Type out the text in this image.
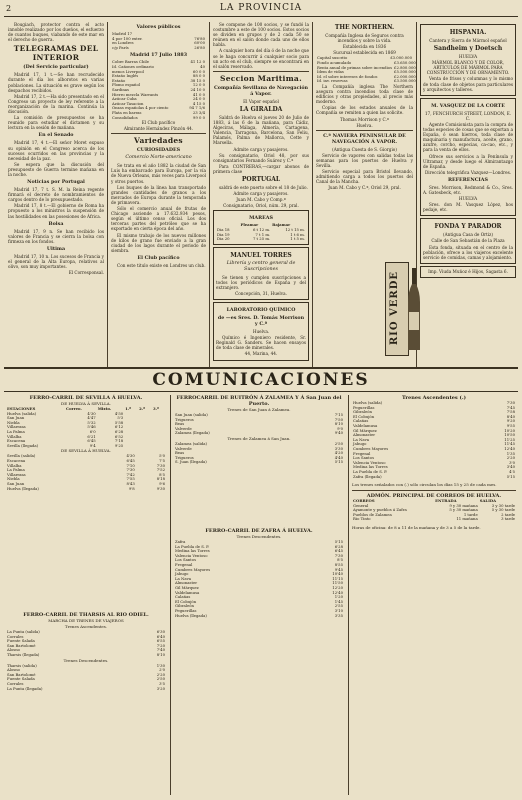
2	LA PROVINCIA

Bougiach, protector contra el acto innoble realizado por los dueños, el esfuerzo de cuantos buques, viabando de este mar en el derecho de guerra.

TELEGRAMAS DEL INTERIOR
(Del Servicio particular)

Madrid 17, 1 t.—Se han recrudecido durante el día los alborotos en varias poblaciones. La situación es grave según los despachos recibidos.

Madrid 17, 2 t.—Ha sido presentado en el Congreso un proyecto de ley referente a la reorganización de la marina. Continúa la discusión.

La comisión de presupuestos se ha reunido para estudiar el dictamen y su lectura en la sesión de mañana.

En el Senado

Madrid 17, 4 t.—El señor Moret expuso su opinión en el Congreso acerca de los sucesos ocurridos en las provincias y la necesidad de la paz.

Se espera que la discusión del presupuesto de Guerra termine mañana en la noche.

Noticias por Portugal

Madrid 17, 7 t. S. M. la Reina regente firmará el decreto de nombramientos de cargos dentro de lo presupuestado.

Madrid 17, 8 t.—El gobierno de Roma ha propuesto a los ministros la suspensión de las hostilidades en las posesiones de África.

Bolsa

Madrid 17, 9 n. Se han recibido los valores de Francia y se cierra la bolsa con firmeza en los fondos.

Ultima

Madrid 17, 10 n. Los sucesos de Francia y el general de la Alta Europa, relativos al olivo, son muy importantes.

El Corresponsal.

Valores públicos
Madrid 17	
4 por 100 exter.	76'80
en Londres	60'00
c/p París	26'80
Madrid 17 Julio 1883
Cobre Barras Chile	41 12 0
Id. Cañones ordinario	40
menos Liverpool	60 0 0
Estaño Inglés	88 0 0
Estaño	38 15 0
Plomo español	12 0 0
Sardinas	24 10 0
Hierro mezcla Warrants	41 0 0
Azúcar Cuba	24 0 0
Azúcar Tasacion	4 15 0
Onzas españolas 4 por ciento	94 7 1/6
Plata en barras	23 3/4
Consolidados	99 0 0

El Club pacífico

Almirante Hernández Pinzón 44.

Variedades
CURIOSIDADES
Comercio Norte-americano

Se trata en el año 1882 la ciudad de San Luis ha embarcado para Europa, por la vía de Nueva Orleans, más veces para Liverpool y otros puertos.

Los buques de la línea han transportado grandes cantidades de granos a los mercados de Europa durante la temporada de primavera.

Sólo el comercio anual de frutas de Chicago asciende a 17.632.934 pesos, según el último censo oficial. Los dos terceras partes del petróleo que se ha exportado en cierta época del año.

El mismo trabajo de los nuevos millones de kilos de grano fue enviado a la gran ciudad de los lagos durante el periodo de siembra.

El Club pacífico

Con este titulo existe en Londres un club.

Se compone de 100 socios, y se fundó la costumbre a este de 100 socios. Estos socios se dividen en grupos y de 2 cada 50 se reúnen en el salón donde cada uno de ellos habla.

A cualquier hora del día ó de la noche que se le haga concurrir á cualquier socio para un acto en el club, siempre se encontrará en el salón reservado.

Seccion Maritima.
Compañía Sevillana de Navegación á Vapor.

El Vapor español

LA GIRALDA

Saldrá de Huelva el jueves 20 de Julio de 1883, á las 6 de la mañana, para Cádiz, Algeciras, Málaga, Almería, Cartagena, Valencia, Tarragona, Barcelona, San Feliu, Palamós, Palma de Mallorca, Cette y Marsella.

Admite carga y pasajeros.

Su consignatario, Oriol 48, por sus consignatarios Fernando Suárez y C.ª

Para CONTRERAS,—cargar abonos de primera clase

PORTUGAL

saldrá de este puerto sobre el 18 de Julio.

Admite carga y pasajeros.

Juan M. Cabo y Comp.ª

Consignatario, Oriol, núm. 29, pral.

MAREAS
	Pleamar	Bajamar
Dia 18	6 t 12 m.	12 t 15 m.
Dia 19	7 t 1 m.	1 t 6 m.
Dia 20	7 t 25 m.	1 t 5 m.
MANUEL TORRES
Librería y centro general de Suscripciones

Se tienen y cumplen suscripciones a todos los periódicos de España y del extranjero.

Concepción, 31, Huelva.

LABORATORIO QUÍMICO
de —es Sres. D. Tomás Morrison y C.ª

Huelva.

Químico é Ingeniero residente, Sr. Reginald G. Sanders. Se hacen ensayos de toda clase de minerales.

44, Marina, 44.

THE NORTHERN.

Compañía Inglesa de Seguros contra incendios y sobre la vida.

Establecida en 1836

Sucursal establecida en 1869

Capital suscrito	£3.000.000
Fondo acumulado	£3.650.000
Renta anual de primas sobre incendios	£2.800.000
Ídem de vidas	£5.500.000
Id. el sobre intereses de fondos	£2.000.000
Id. inv. reservas	£3.500.000

La Compañía inglesa The Northern asegura contra incendios toda clase de edificios y otras propiedades, al precio más moderno.

Copias de los estados anuales de la Compañía se remiten a quien las solicite.

Thomas Morrison y C.ª

Huelva.

C.ª NAVIERA PENINSULAR DE NAVEGACIÓN Á VAPOR.

(Antigua Cuesta de S. Giorgio)

Servicio de vapores con salidas todas las semanas para los puertos de Huelva y Sevilla.

Servicio especial para Bristol llevando, admitiendo carga a todos los puertos del Canal de la Mancha.

Juan M. Cabo y C.ª, Oriol 29, pral.

RIO VERDE
HISPANIA.

Cantera y Sierra de Mármol español

Sandheim y Doetsch

HUELVA

MÁRMOL BLANCO Y DE COLOR, ARTÍCULOS DE MÁRMOL PARA CONSTRUCCIÓN Y DE ORNAMENTO.

Venta de frisos y columnas y lo mismo de toda clase de objetos para particulares y arquitectos y talleres.

M. VASQUEZ DE LA CORTE

17, FENCHURCH STREET, LONDON, E. C.

Agente Comisionista para la compra de todas especies de cosas que se exportan a España, ó sean hierros, toda clase de maquinaria y manufactura, aceite, grano, azufre, corcho, especias, ca-cao, etc., y para la venta de ellos.

Ofrece sus servicios a la Península y Ultramar, y desde luego el Almirantazgo de España.

Dirección telegráfica Vazquez—Londres.

REFERENCIAS

Sres. Morrison, Redmond & Co., Sres. A. Gatesbeck, etc.

HUELVA

Sres. don M. Vasquez López, hos pedaje, etc.

FONDA Y PARADOR

(Antigua Casa de Ortiz)

Calle de San Sebastián de la Plaza

Esta fonda, situada en el centro de la población, ofrece a los viajeros excelente servicio de comidas, camas y alojamiento.

Imp. Viuda Muñoz é Hijos, Sagasta 6.

COMUNICACIONES
FERRO-CARRIL DE SEVILLA Á HUELVA.
DE HUELVA Á SEVILLA.
ESTACIONES	Correo.	Mixto.	1.ª	2.ª	3.ª
Huelva (salida)	4'30	4'50			
San Juan	4'47	5'3			
Niebla	5'32	5'58			
Villarrasa	5'46	6'12			
La Palma	6'0	6'28			
Villalba	6'21	6'52			
Escacena	6'45	7'18			
Sevilla (llegada)	9'4	9'25			
DE SEVILLA Á HUELVA.
Sevilla (salida)	4'30	5'0
Escacena	6'45	7'5
Villalba	7'10	7'30
La Palma	7'30	7'52
Villarrasa	7'42	8'5
Niebla	7'55	8'18
San Juan	8'43	9'6
Huelva (llegada)	9'8	9'30
FERRO-CARRIL DE THARSIS AL RIO ODIEL.
MARCHA DE TRENES DE VIAJEROS
Trenes Ascendentes.
La Punta (salida)	6'30
Corrales	6'40
Fuente Salada	6'55
San Bartolomé	7'20
Alosno	7'40
Tharsis (llegada)	8'10
Trenes Descendentes.
Tharsis (salida)	1'30
Alosno	2'0
San Bartolomé	2'20
Fuente Salada	2'50
Corrales	3'5
La Punta (llegada)	3'20
FERROCARRIL DE BUITRÓN Á ZALAMEA Y Á San Juan del Puerto.
Trenes de San Juan á Zalamea.
San Juan (salida)	7'15
Trigueros	7'50
Beas	8'10
Valverde	9'0
Zalamea (llegada)	9'40
Trenes de Zalamea á San Juan.
Zalamea (salida)	2'50
Valverde	3'30
Beas	4'20
Trigueros	4'40
S. Juan (llegada)	5'15
FERRO-CARRIL DE ZAFRA Á HUELVA.
Trenes Descendentes.
Zafra	5'15
La Puebla de S. P.	6'28
Medina las Torres	6'45
Valencia Ventoso	7'30
Los Santos	8'5
Fregenal	8'55
Cumbres Mayores	9'45
Jabugo	10'40
La Nava	11'15
Almonaster	11'50
Gil Márquez	12'20
Valdelamusa	12'40
Calañas	1'20
El Cobujón	1'45
Gibraleón	2'55
Peguerillas	3'10
Huelva (llegada)	3'35
Trenes Ascendentes (.)
Huelva (salida)	7'30
Peguerillas	7'45
Gibraleón	7'58
El Cobujón	8'40
Calañas	9'20
Valdelamusa	9'55
Gil Márquez	10'20
Almonaster	10'50
La Nava	11'25
Jabugo	11'45
Cumbres Mayores	12'40
Fregenal	1'35
Los Santos	2'20
Valencia Ventoso	3'0
Medina las Torres	3'40
La Puebla de S. P.	4'5
Zafra (llegada)	5'15

Los trenes señalados con (.) sólo circulan los días 15 y 25 de cada mes.

ADMÓN. PRINCIPAL DE CORREOS DE HUELVA.
CORREOS	ENTRADA	SALIDA
General	9 y 30 mañana	3 y 30 tarde
Ayamonte y pueblos á Zafra	5 y 30 mañana	5 y 30 tarde
Pueblos de Zalamea	1 tarde	2 tarde
Rio Tinto	11 mañana	3 tarde

Horas de oficina: de 8 a 11 de la mañana y de 3 a 5 de la tarde.
